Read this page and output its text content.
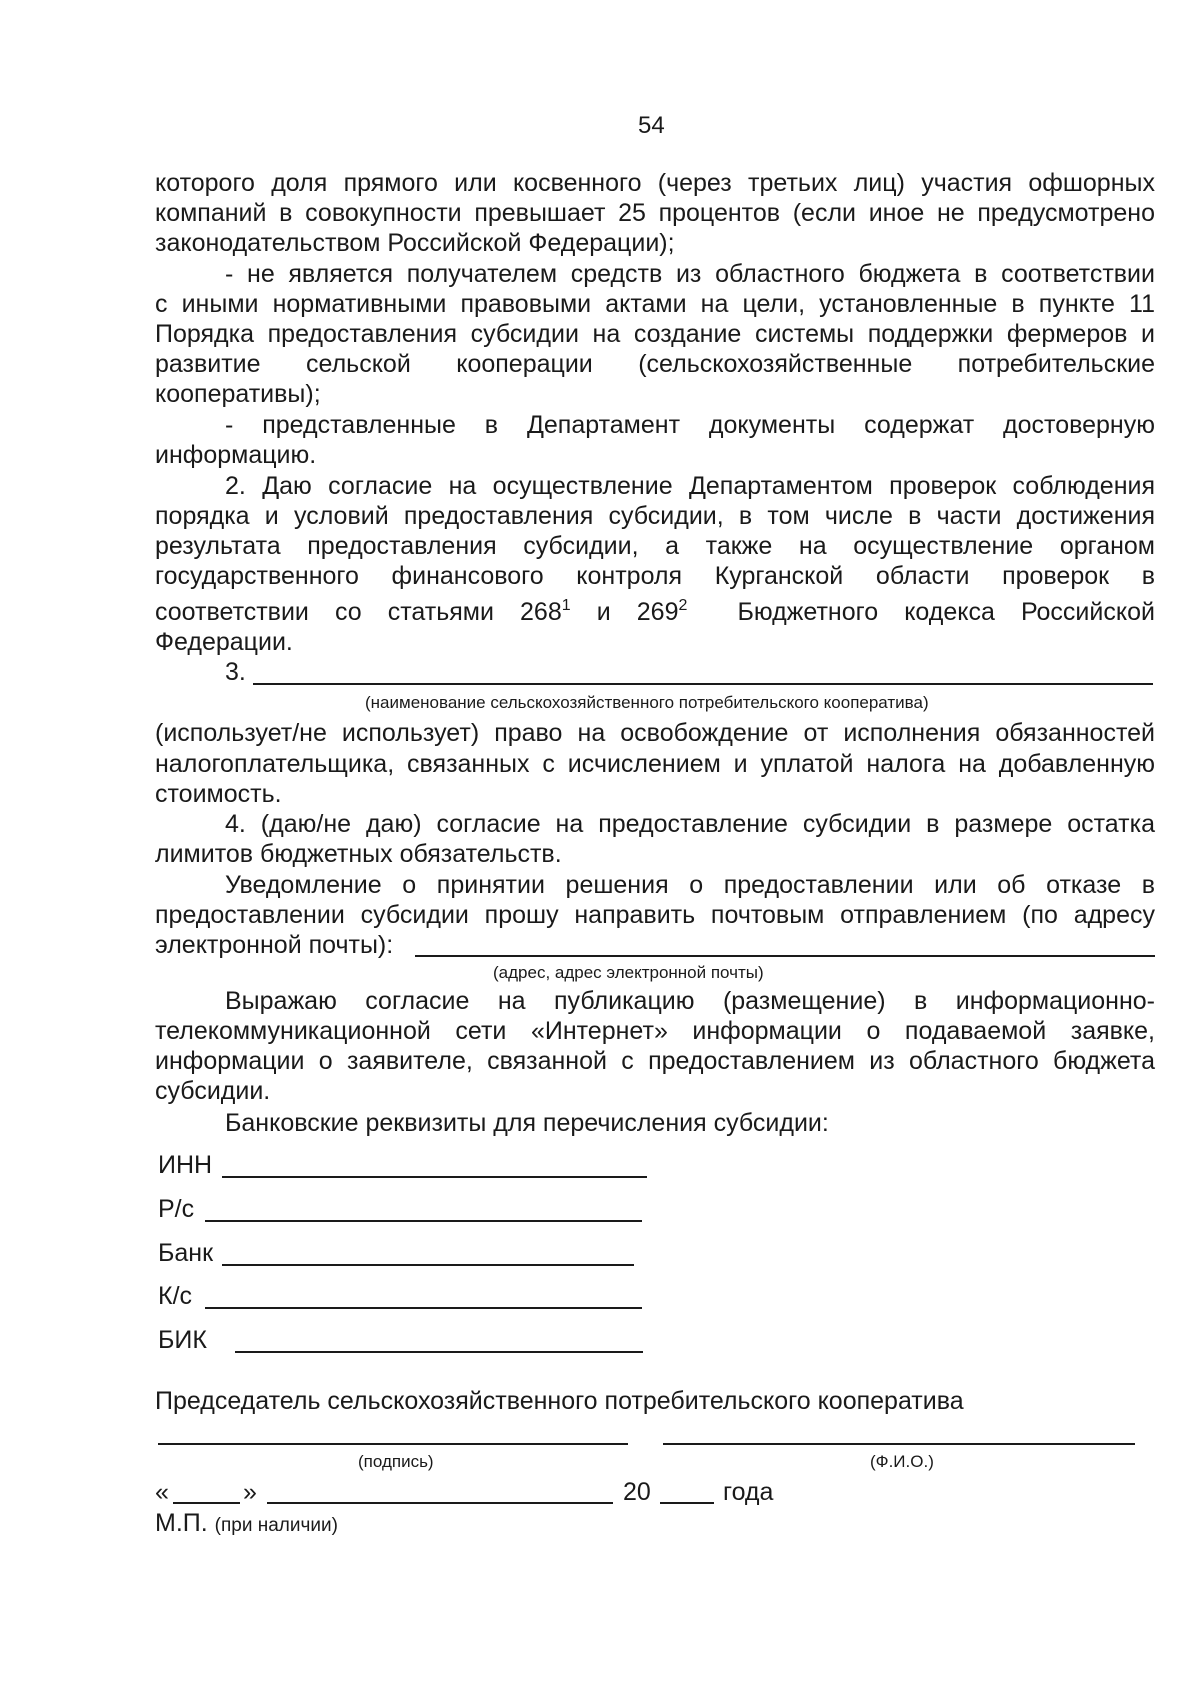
54
которого доля прямого или косвенного (через третьих лиц) участия офшорных
компаний в совокупности превышает 25 процентов (если иное не предусмотрено
законодательством Российской Федерации);
- не является получателем средств из областного бюджета в соответствии
с иными нормативными правовыми актами на цели, установленные в пункте 11
Порядка предоставления субсидии на создание системы поддержки фермеров и
развитие сельской кооперации (сельскохозяйственные потребительские
кооперативы);
- представленные в Департамент документы содержат достоверную
информацию.
2. Даю согласие на осуществление Департаментом проверок соблюдения
порядка и условий предоставления субсидии, в том числе в части достижения
результата предоставления субсидии, а также на осуществление органом
государственного финансового контроля Курганской области проверок в
соответствии со статьями $268^1$ и $269^2$ Бюджетного кодекса Российской
Федерации.
3.
(наименование сельскохозяйственного потребительского кооператива)
(использует/не использует) право на освобождение от исполнения обязанностей
налогоплательщика, связанных с исчислением и уплатой налога на добавленную
стоимость.
4. (даю/не даю) согласие на предоставление субсидии в размере остатка
лимитов бюджетных обязательств.
Уведомление о принятии решения о предоставлении или об отказе в
предоставлении субсидии прошу направить почтовым отправлением (по адресу
электронной почты):
(адрес, адрес электронной почты)
Выражаю согласие на публикацию (размещение) в информационно-
телекоммуникационной сети «Интернет» информации о подаваемой заявке,
информации о заявителе, связанной с предоставлением из областного бюджета
субсидии.
Банковские реквизиты для перечисления субсидии:
ИНН
Р/с
Банк
К/с
БИК
Председатель сельскохозяйственного потребительского кооператива
(подпись)	(Ф.И.О.)
«	»	20	года
М.П. (при наличии)
